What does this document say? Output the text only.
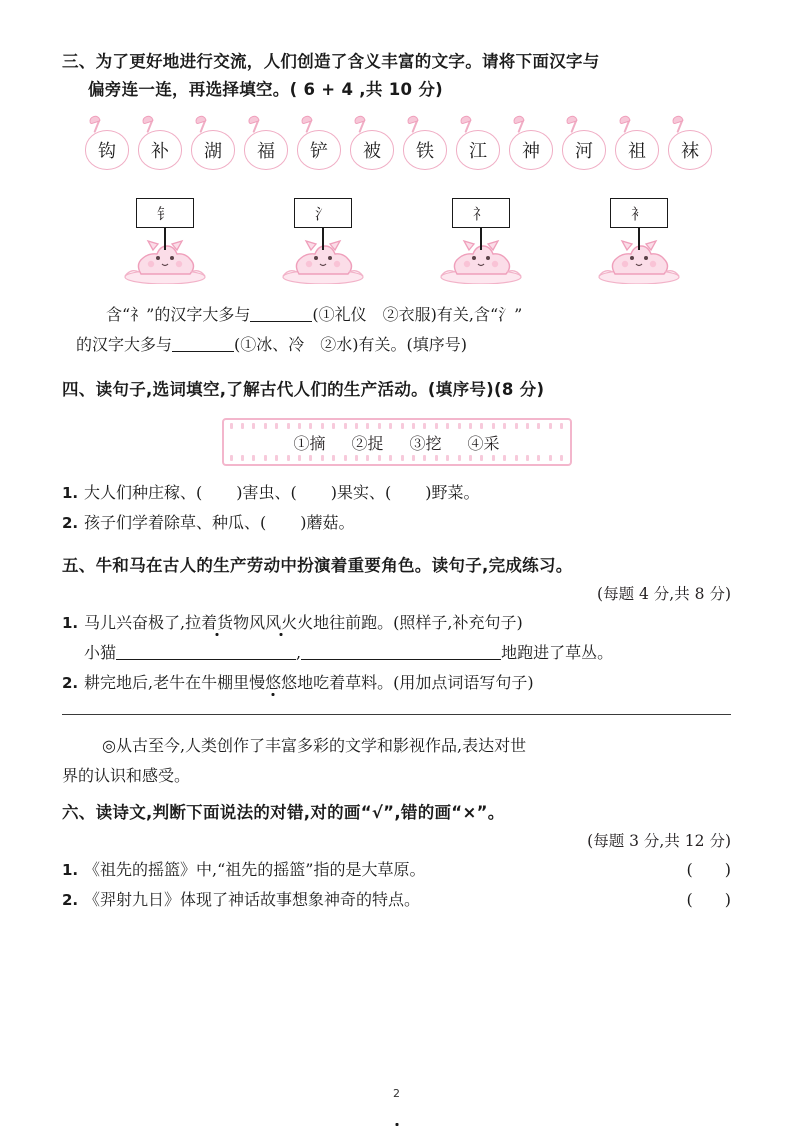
三、为了更好地进行交流，人们创造了含义丰富的文字。请将下面汉字与
偏旁连一连，再选择填空。( 6 + 4 ,共 10 分)
钩	补	湖	福	铲	被	铁	江	神	河	祖	袜
钅	氵	礻	衤
含“礻”的汉字大多与	(①礼仪　②衣服)有关,含“氵”
的汉字大多与	(①冰、冷　②水)有关。(填序号)
四、读句子,选词填空,了解古代人们的生产活动。(填序号)(8 分)
①摘 ②捉 ③挖 ④采
1. 大人们种庄稼、( )害虫、( )果实、( )野菜。
2. 孩子们学着除草、种瓜、( )蘑菇。
五、牛和马在古人的生产劳动中扮演着重要角色。读句子,完成练习。
(每题 4 分,共 8 分)
1. 马儿兴奋极了,拉着货物风风火火地往前跑。(照样子,补充句子)
小猫	,	地跑进了草丛。
2. 耕完地后,老牛在牛棚里慢悠悠地吃着草料。(用加点词语写句子)
◎从古至今,人类创作了丰富多彩的文学和影视作品,表达对世
界的认识和感受。
六、读诗文,判断下面说法的对错,对的画“√”,错的画“×”。
(每题 3 分,共 12 分)
1. 《祖先的摇篮》中,“祖先的摇篮”指的是大草原。	(　　)
2. 《羿射九日》体现了神话故事想象神奇的特点。	(　　)
2
